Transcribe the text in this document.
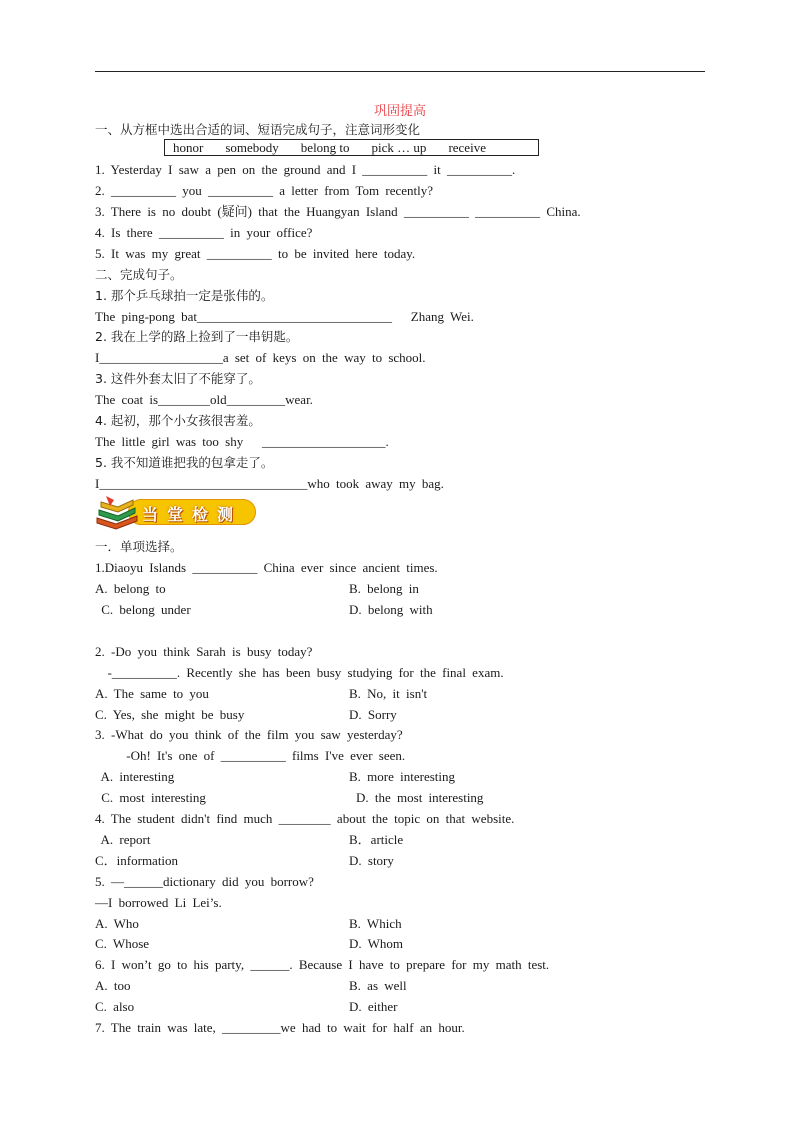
巩固提高
一、从方框中选出合适的词、短语完成句子，注意词形变化
honor somebody belong to pick … up receive
1. Yesterday I saw a pen on the ground and I __________ it __________.
2. __________ you __________ a letter from Tom recently?
3. There is no doubt (疑问) that the Huangyan Island __________ __________ China.
4. Is there __________ in your office?
5. It was my great __________ to be invited here today.
二、完成句子。
1. 那个乒乓球拍一定是张伟的。
The ping-pong bat______________________________   Zhang Wei.
2. 我在上学的路上捡到了一串钥匙。
I___________________a set of keys on the way to school.
3. 这件外套太旧了不能穿了。
The coat is________old_________wear.
4. 起初，那个小女孩很害羞。
The little girl was too shy   ___________________.
5. 我不知道谁把我的包拿走了。
I________________________________who took away my bag.
当堂检测
一．单项选择。
1.Diaoyu Islands __________ China ever since ancient times.
A. belong to	B. belong in
C. belong under	D. belong with
2. -Do you think Sarah is busy today?
-__________. Recently she has been busy studying for the final exam.
A. The same to you	B. No, it isn't
C. Yes, she might be busy	D. Sorry
3. -What do you think of the film you saw yesterday?
-Oh! It's one of __________ films I've ever seen.
A. interesting	B. more interesting
C. most interesting	D. the most interesting
4. The student didn't find much ________ about the topic on that website.
A. report	B．article
C．information	D. story
5. —______dictionary did you borrow?
—I borrowed Li Lei’s.
A. Who	B. Which
C. Whose	D. Whom
6. I won’t go to his party, ______. Because I have to prepare for my math test.
A. too	B. as well
C. also	D. either
7. The train was late, _________we had to wait for half an hour.
